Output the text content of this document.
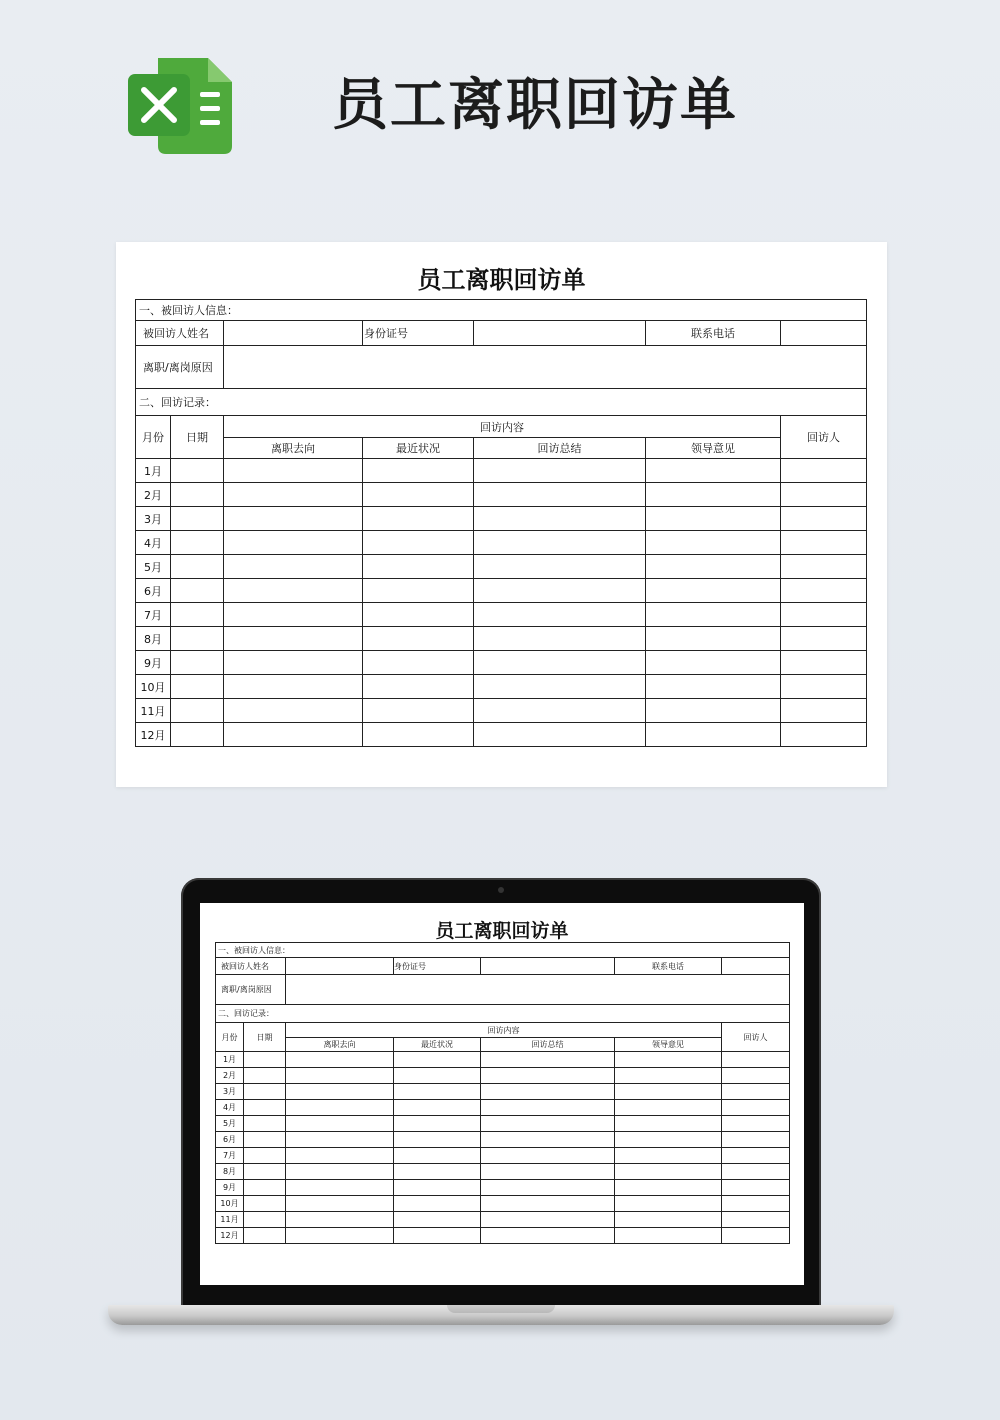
员工离职回访单
员工离职回访单
一、被回访人信息：						
被回访人姓名			身份证号		联系电话	
离职/离岗原因						
二、回访记录：						
月份	日期	回访内容				回访人
		离职去向	最近状况	回访总结	领导意见	
1月						
2月						
3月						
4月						
5月						
6月						
7月						
8月						
9月						
10月						
11月						
12月						
员工离职回访单
一、被回访人信息：						
被回访人姓名			身份证号		联系电话	
离职/离岗原因						
二、回访记录：						
月份	日期	回访内容				回访人
		离职去向	最近状况	回访总结	领导意见	
1月						
2月						
3月						
4月						
5月						
6月						
7月						
8月						
9月						
10月						
11月						
12月						
